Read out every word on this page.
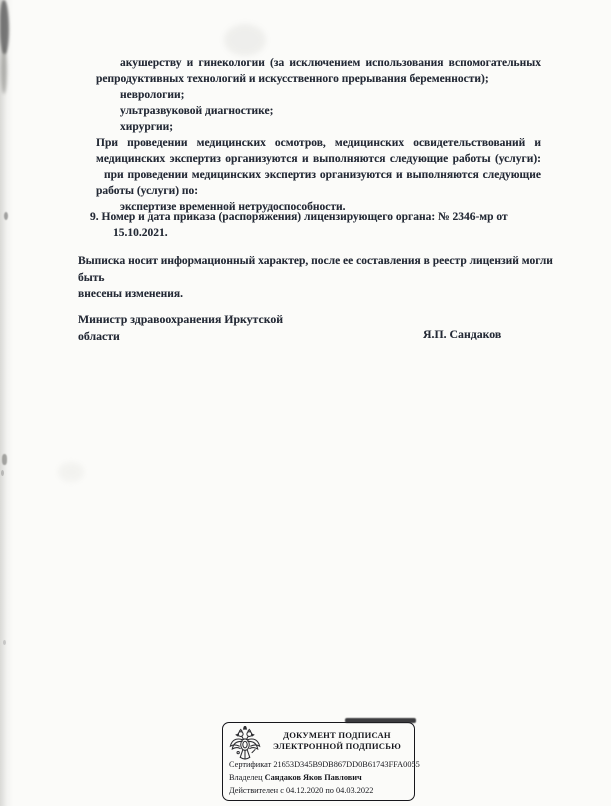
акушерству и гинекологии (за исключением использования вспомогательных
репродуктивных технологий и искусственного прерывания беременности);
неврологии;
ультразвуковой диагностике;
хирургии;
При проведении медицинских осмотров, медицинских освидетельствований и
медицинских экспертиз организуются и выполняются следующие работы (услуги):
при проведении медицинских экспертиз организуются и выполняются следующие
работы (услуги) по:
экспертизе временной нетрудоспособности.
9. Номер и дата приказа (распоряжения) лицензирующего органа: № 2346-мр от
15.10.2021.
Выписка носит информационный характер, после ее составления в реестр лицензий могли быть
внесены изменения.
Министр здравоохранения Иркутской
области	Я.П. Сандаков
ДОКУМЕНТ ПОДПИСАН
ЭЛЕКТРОННОЙ ПОДПИСЬЮ
Сертификат 21653D345B9DB867DD0B61743FFA0055
Владелец Сандаков Яков Павлович
Действителен с 04.12.2020 по 04.03.2022
